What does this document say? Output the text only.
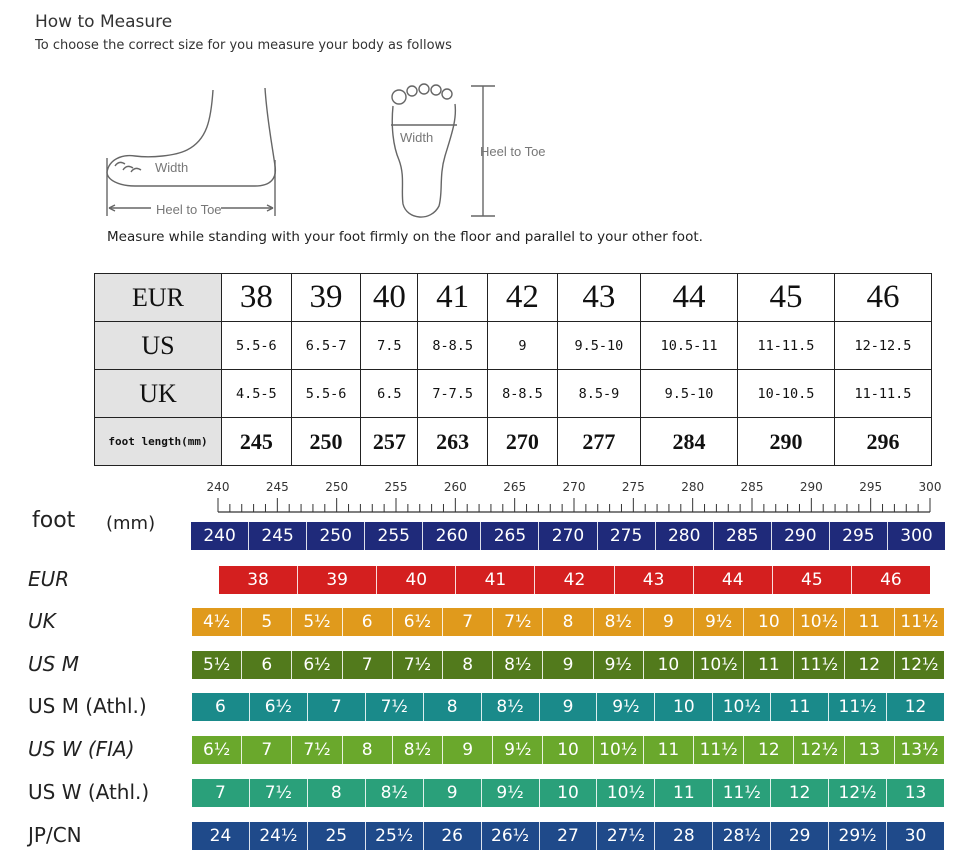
How to Measure
To choose the correct size for you measure your body as follows
Width
Heel to Toe
Width
Heel to Toe
Measure while standing with your foot firmly on the floor and parallel to your other foot.
EUR	38	39	40	41	42	43	44	45	46
US	5.5-6	6.5-7	7.5	8-8.5	9	9.5-10	10.5-11	11-11.5	12-12.5
UK	4.5-5	5.5-6	6.5	7-7.5	8-8.5	8.5-9	9.5-10	10-10.5	11-11.5
foot length(mm)	245	250	257	263	270	277	284	290	296
240	245	250	255	260	265	270	275	280	285	290	295	300
foot (mm)
240	245	250	255	260	265	270	275	280	285	290	295	300
EUR	38	39	40	41	42	43	44	45	46
UK	4½	5	5½	6	6½	7	7½	8	8½	9	9½	10	10½	11	11½
US M	5½	6	6½	7	7½	8	8½	9	9½	10	10½	11	11½	12	12½
US M (Athl.)	6	6½	7	7½	8	8½	9	9½	10	10½	11	11½	12
US W (FIA)	6½	7	7½	8	8½	9	9½	10	10½	11	11½	12	12½	13	13½
US W (Athl.)	7	7½	8	8½	9	9½	10	10½	11	11½	12	12½	13
JP/CN	24	24½	25	25½	26	26½	27	27½	28	28½	29	29½	30
